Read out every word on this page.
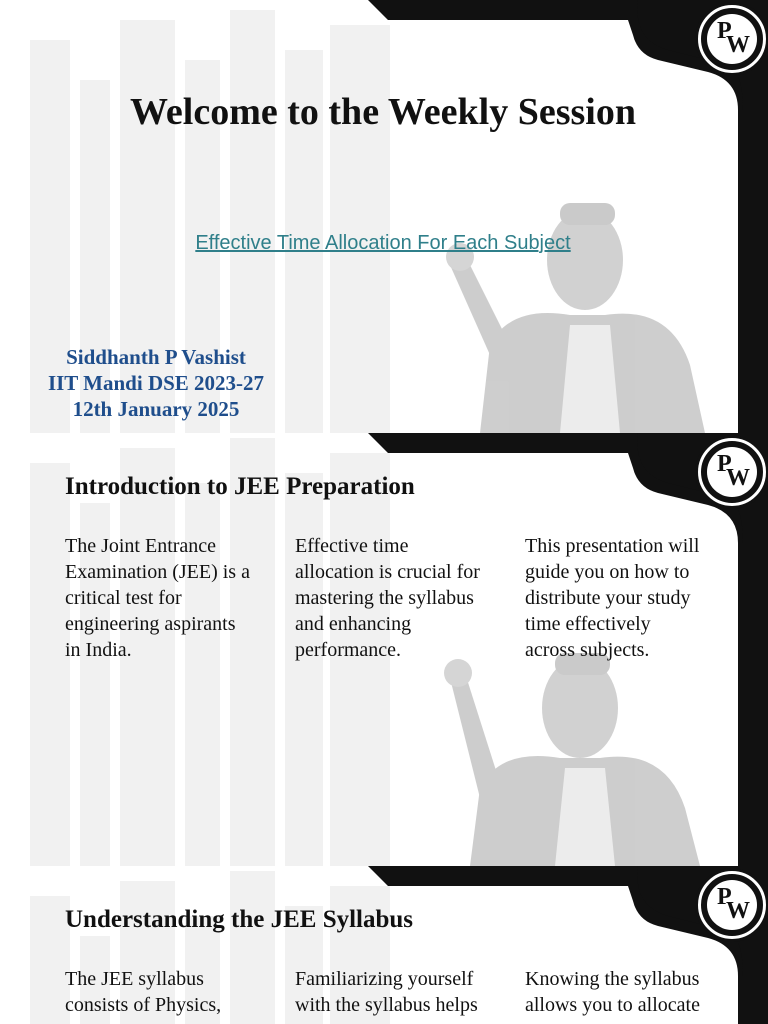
P
W
Welcome to the Weekly Session
Effective Time Allocation For Each Subject
Siddhanth P Vashist
IIT Mandi DSE 2023-27
12th January 2025
P
W
Introduction to JEE Preparation
The Joint Entrance Examination (JEE) is a critical test for engineering aspirants in India.
Effective time allocation is crucial for mastering the syllabus and enhancing performance.
This presentation will guide you on how to distribute your study time effectively across subjects.
P
W
Understanding the JEE Syllabus
The JEE syllabus consists of Physics,
Familiarizing yourself with the syllabus helps
Knowing the syllabus allows you to allocate
